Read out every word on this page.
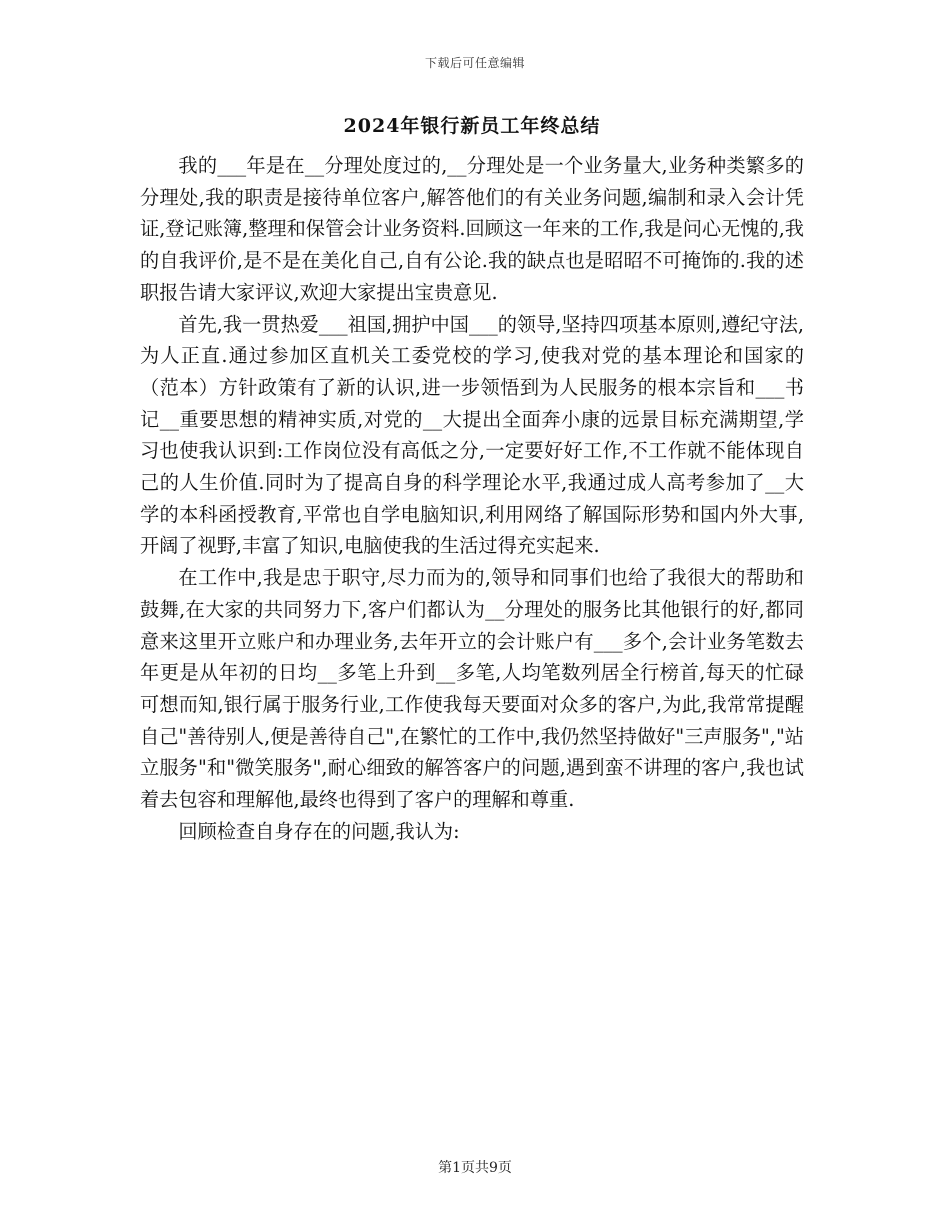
下载后可任意编辑
2024年银行新员工年终总结

我的___年是在__分理处度过的,__分理处是一个业务量大,业务种类繁多的分理处,我的职责是接待单位客户,解答他们的有关业务问题,编制和录入会计凭证,登记账簿,整理和保管会计业务资料.回顾这一年来的工作,我是问心无愧的,我的自我评价,是不是在美化自己,自有公论.我的缺点也是昭昭不可掩饰的.我的述职报告请大家评议,欢迎大家提出宝贵意见.

首先,我一贯热爱___祖国,拥护中国___的领导,坚持四项基本原则,遵纪守法,为人正直.通过参加区直机关工委党校的学习,使我对党的基本理论和国家的（范本）方针政策有了新的认识,进一步领悟到为人民服务的根本宗旨和___书记__重要思想的精神实质,对党的__大提出全面奔小康的远景目标充满期望,学习也使我认识到:工作岗位没有高低之分,一定要好好工作,不工作就不能体现自己的人生价值.同时为了提高自身的科学理论水平,我通过成人高考参加了__大学的本科函授教育,平常也自学电脑知识,利用网络了解国际形势和国内外大事,开阔了视野,丰富了知识,电脑使我的生活过得充实起来.

在工作中,我是忠于职守,尽力而为的,领导和同事们也给了我很大的帮助和鼓舞,在大家的共同努力下,客户们都认为__分理处的服务比其他银行的好,都同意来这里开立账户和办理业务,去年开立的会计账户有___多个,会计业务笔数去年更是从年初的日均__多笔上升到__多笔,人均笔数列居全行榜首,每天的忙碌可想而知,银行属于服务行业,工作使我每天要面对众多的客户,为此,我常常提醒自己"善待别人,便是善待自己",在繁忙的工作中,我仍然坚持做好"三声服务","站立服务"和"微笑服务",耐心细致的解答客户的问题,遇到蛮不讲理的客户,我也试着去包容和理解他,最终也得到了客户的理解和尊重.

回顾检查自身存在的问题,我认为:

第1页共9页
